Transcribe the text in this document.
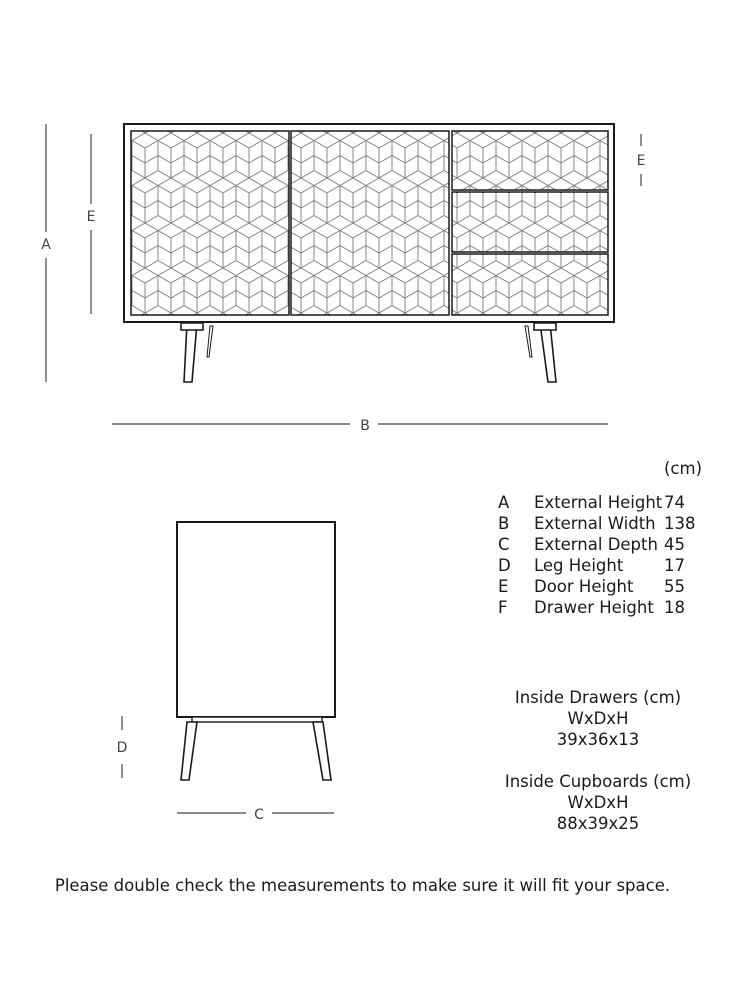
A
E
E
B
D
C
(cm)
A	External Height 74
B	External Width 138
C	External Depth 45
D	Leg Height	17
E	Door Height	55
F	Drawer Height 18
Inside Drawers (cm)
WxDxH
39x36x13
Inside Cupboards (cm)
WxDxH
88x39x25
Please double check the measurements to make sure it will fit your space.
